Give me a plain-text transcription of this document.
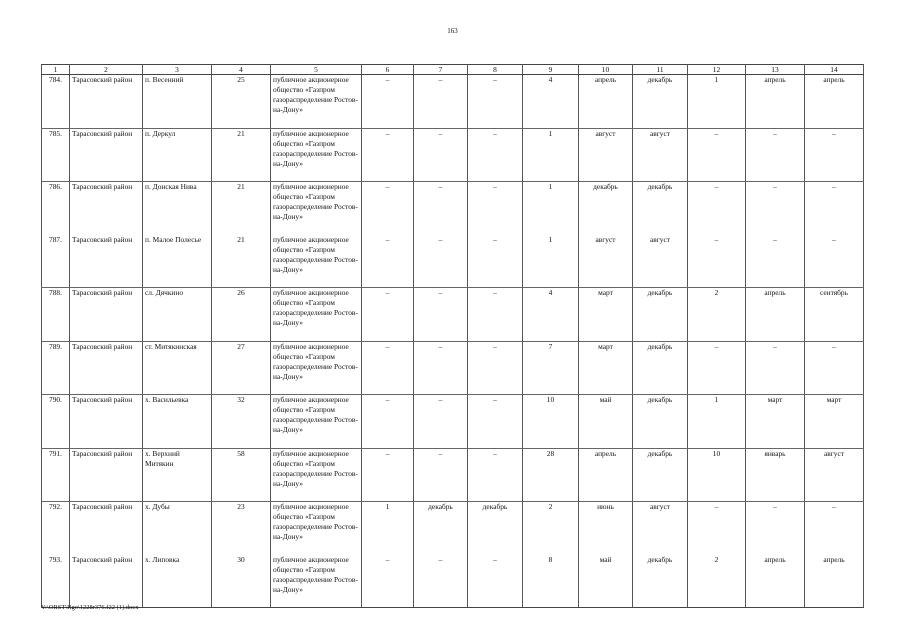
163
1	2	3	4	5	6	7	8	9	10	11	12	13	14
784.	Тарасовский район	п. Весенний	25	публичное акционерное общество «Газпром газораспределение Ростов-на-Дону»	–	–	–	4	апрель	декабрь	1	апрель	апрель
785.	Тарасовский район	п. Деркул	21	публичное акционерное общество «Газпром газораспределение Ростов-на-Дону»	–	–	–	1	август	август	–	–	–
786.	Тарасовский район	п. Донская Нива	21	публичное акционерное общество «Газпром газораспределение Ростов-на-Дону»	–	–	–	1	декабрь	декабрь	–	–	–
787.	Тарасовский район	п. Малое Полесье	21	публичное акционерное общество «Газпром газораспределение Ростов-на-Дону»	–	–	–	1	август	август	–	–	–
788.	Тарасовский район	сл. Дячкино	26	публичное акционерное общество «Газпром газораспределение Ростов-на-Дону»	–	–	–	4	март	декабрь	2	апрель	сентябрь
789.	Тарасовский район	ст. Митякинская	27	публичное акционерное общество «Газпром газораспределение Ростов-на-Дону»	–	–	–	7	март	декабрь	–	–	–
790.	Тарасовский район	х. Васильевка	32	публичное акционерное общество «Газпром газораспределение Ростов-на-Дону»	–	–	–	10	май	декабрь	1	март	март
791.	Тарасовский район	х. Верхний Митякин	58	публичное акционерное общество «Газпром газораспределение Ростов-на-Дону»	–	–	–	28	апрель	декабрь	10	январь	август
792.	Тарасовский район	х. Дубы	23	публичное акционерное общество «Газпром газораспределение Ростов-на-Дону»	1	декабрь	декабрь	2	июнь	август	–	–	–
793.	Тарасовский район	х. Липовка	30	публичное акционерное общество «Газпром газораспределение Ростов-на-Дону»	–	–	–	8	май	декабрь	2	апрель	апрель
Y:\ORST\Rgo\1228r376.f22 (1).docx
